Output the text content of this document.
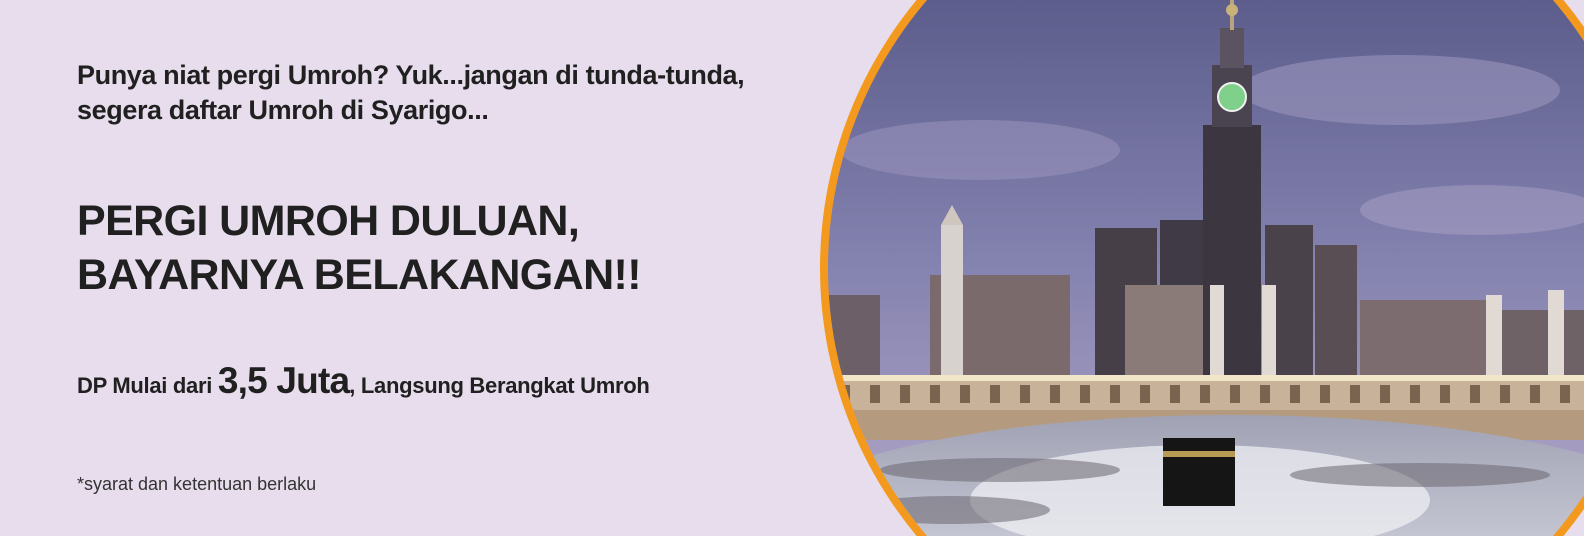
Punya niat pergi Umroh? Yuk...jangan di tunda-tunda,
segera daftar Umroh di Syarigo...
PERGI UMROH DULUAN,
BAYARNYA BELAKANGAN!!
DP Mulai dari 3,5 Juta, Langsung Berangkat Umroh
*syarat dan ketentuan berlaku
